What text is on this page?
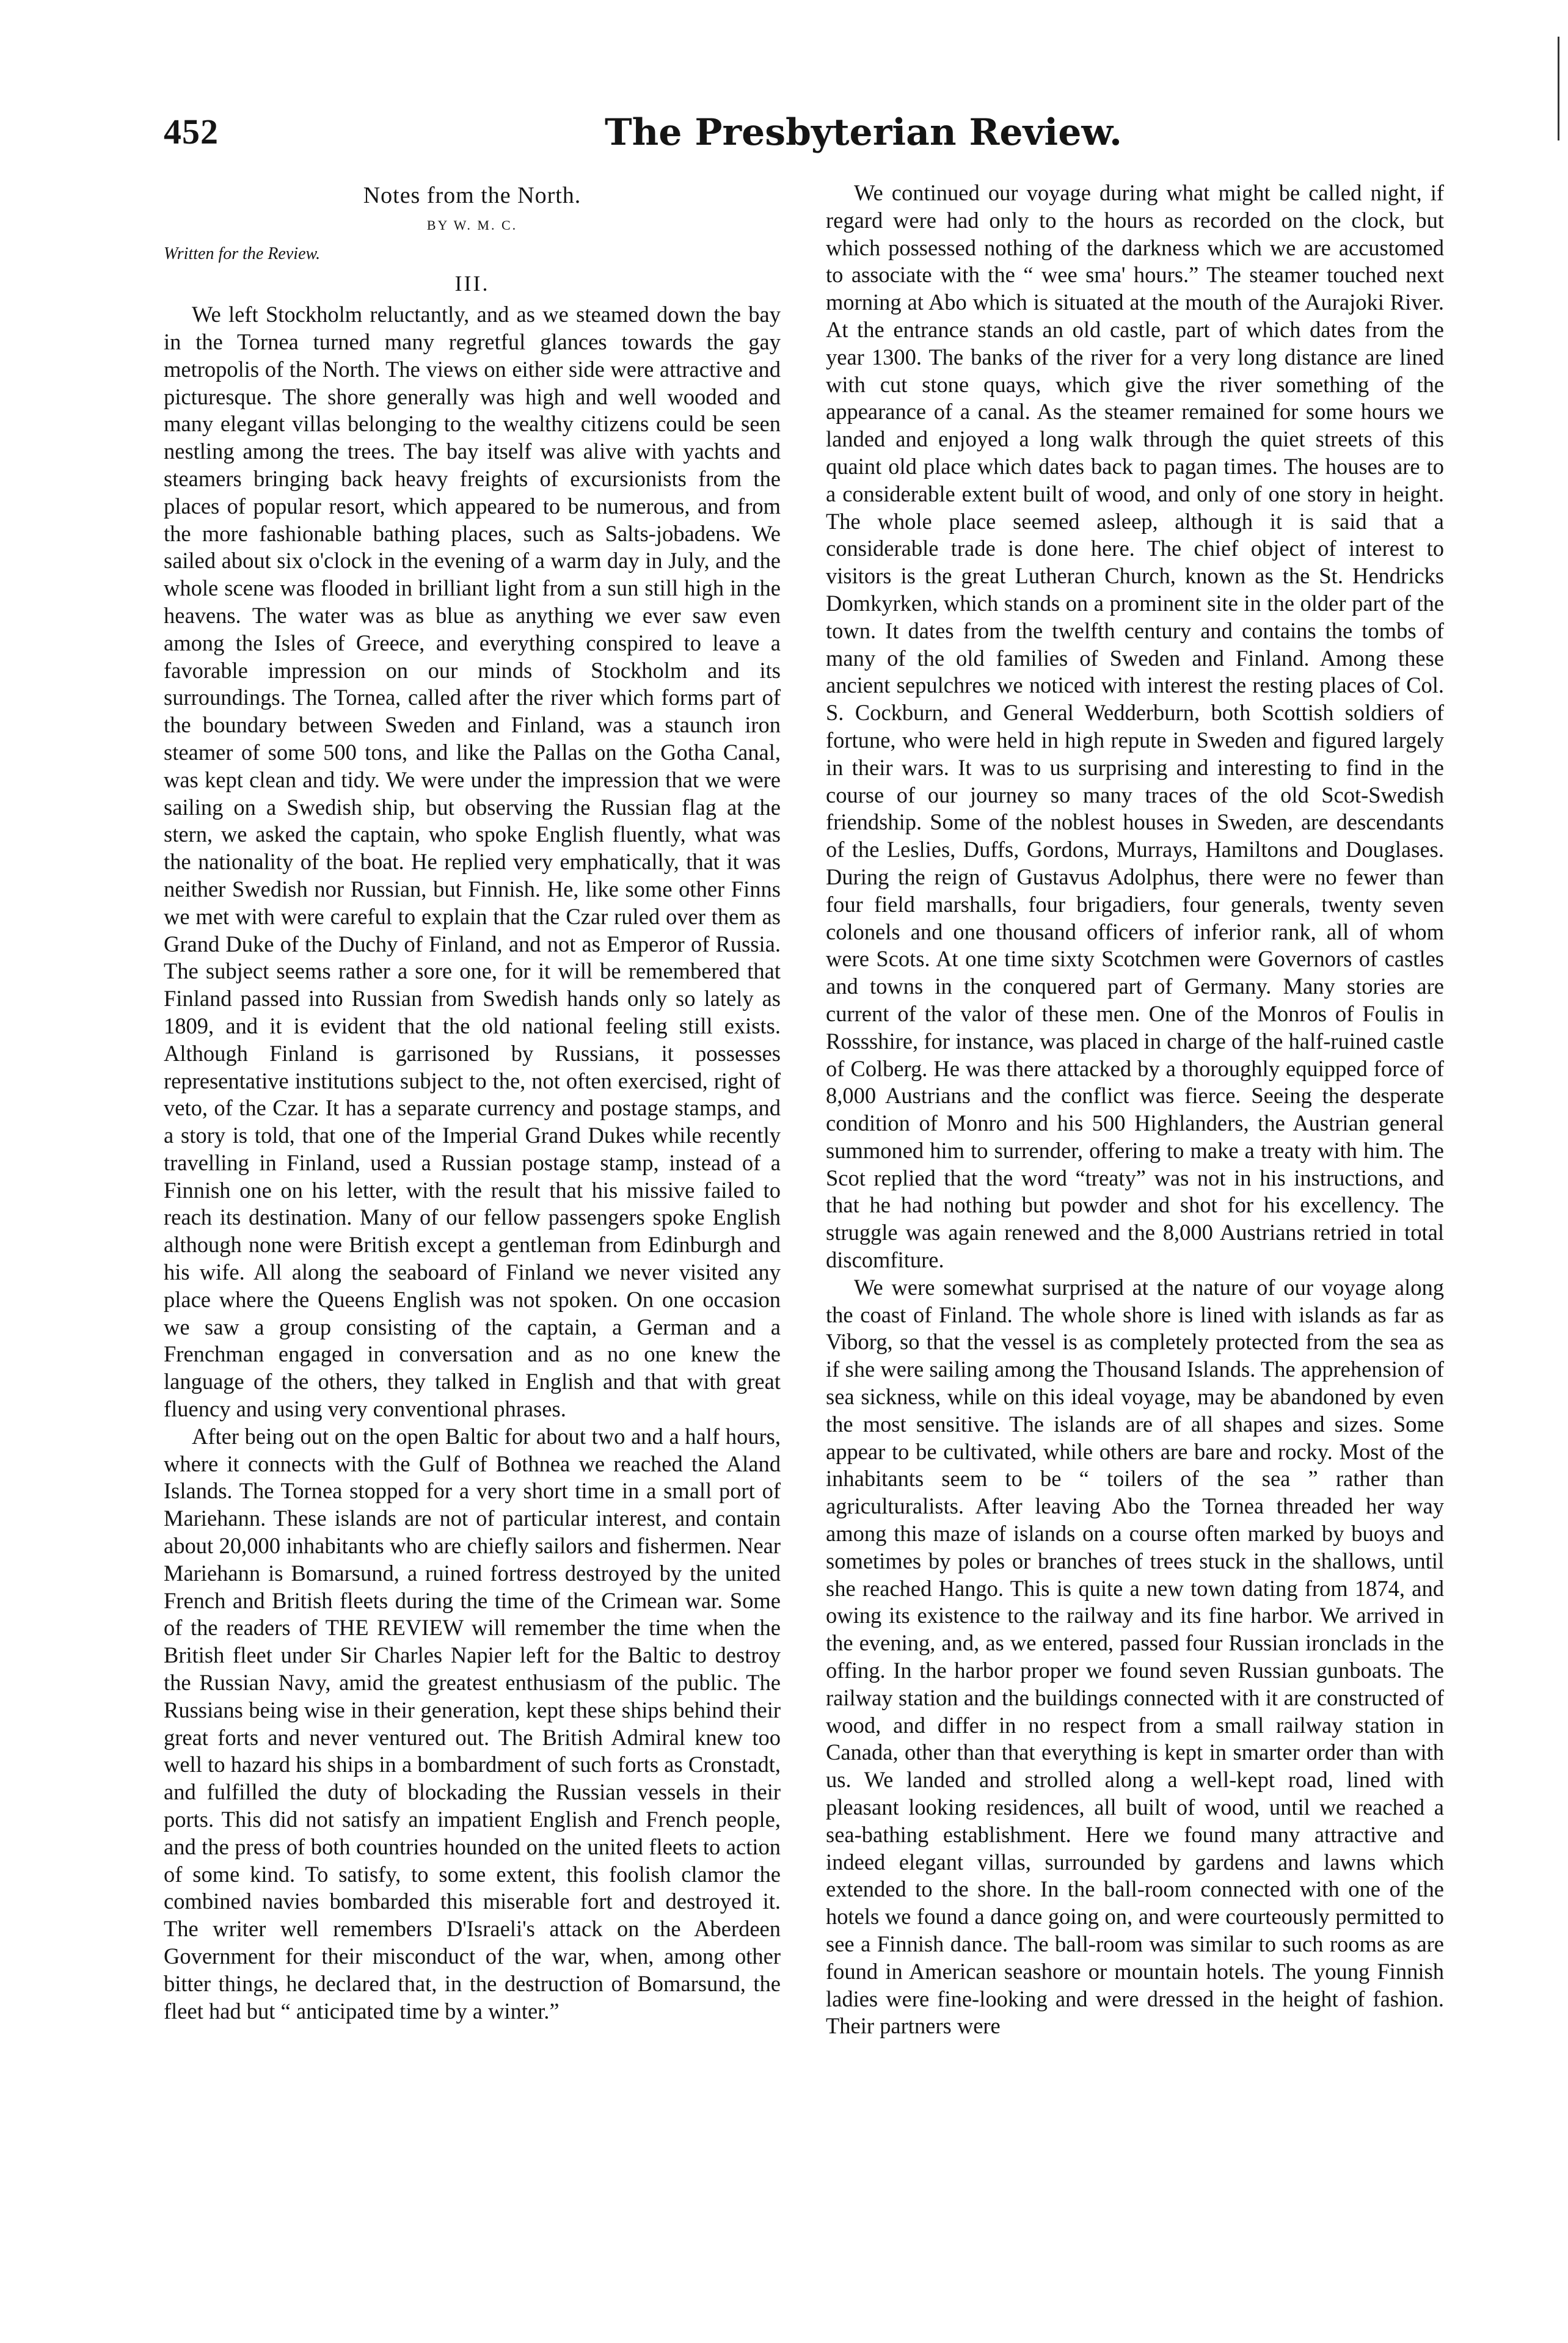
452	The Presbyterian Review.
Notes from the North.
BY W. M. C.
Written for the Review.
III.

We left Stockholm reluctantly, and as we steamed down the bay in the Tornea turned many regretful glances towards the gay metropolis of the North. The views on either side were attractive and picturesque. The shore generally was high and well wooded and many elegant villas belonging to the wealthy citizens could be seen nestling among the trees. The bay itself was alive with yachts and steamers bringing back heavy freights of excursionists from the places of popular resort, which appeared to be numerous, and from the more fashionable bathing places, such as Salts-jobadens. We sailed about six o'clock in the evening of a warm day in July, and the whole scene was flooded in brilliant light from a sun still high in the heavens. The water was as blue as anything we ever saw even among the Isles of Greece, and everything conspired to leave a favorable impression on our minds of Stockholm and its surroundings. The Tornea, called after the river which forms part of the boundary between Sweden and Finland, was a staunch iron steamer of some 500 tons, and like the Pallas on the Gotha Canal, was kept clean and tidy. We were under the impression that we were sailing on a Swedish ship, but observing the Russian flag at the stern, we asked the captain, who spoke English fluently, what was the nationality of the boat. He replied very emphatically, that it was neither Swedish nor Russian, but Finnish. He, like some other Finns we met with were careful to explain that the Czar ruled over them as Grand Duke of the Duchy of Finland, and not as Emperor of Russia. The subject seems rather a sore one, for it will be remembered that Finland passed into Russian from Swedish hands only so lately as 1809, and it is evident that the old national feeling still exists. Although Finland is garrisoned by Russians, it possesses representative institutions subject to the, not often exercised, right of veto, of the Czar. It has a separate currency and postage stamps, and a story is told, that one of the Imperial Grand Dukes while recently travelling in Finland, used a Russian postage stamp, instead of a Finnish one on his letter, with the result that his missive failed to reach its destination. Many of our fellow passengers spoke English although none were British except a gentleman from Edinburgh and his wife. All along the seaboard of Finland we never visited any place where the Queens English was not spoken. On one occasion we saw a group consisting of the captain, a German and a Frenchman engaged in conversation and as no one knew the language of the others, they talked in English and that with great fluency and using very conventional phrases.

After being out on the open Baltic for about two and a half hours, where it connects with the Gulf of Bothnea we reached the Aland Islands. The Tornea stopped for a very short time in a small port of Mariehann. These islands are not of particular interest, and contain about 20,000 inhabitants who are chiefly sailors and fishermen. Near Mariehann is Bomarsund, a ruined fortress destroyed by the united French and British fleets during the time of the Crimean war. Some of the readers of THE REVIEW will remember the time when the British fleet under Sir Charles Napier left for the Baltic to destroy the Russian Navy, amid the greatest enthusiasm of the public. The Russians being wise in their generation, kept these ships behind their great forts and never ventured out. The British Admiral knew too well to hazard his ships in a bombardment of such forts as Cronstadt, and fulfilled the duty of blockading the Russian vessels in their ports. This did not satisfy an impatient English and French people, and the press of both countries hounded on the united fleets to action of some kind. To satisfy, to some extent, this foolish clamor the combined navies bombarded this miserable fort and destroyed it. The writer well remembers D'Israeli's attack on the Aberdeen Government for their misconduct of the war, when, among other bitter things, he declared that, in the destruction of Bomarsund, the fleet had but “ anticipated time by a winter.”

We continued our voyage during what might be called night, if regard were had only to the hours as recorded on the clock, but which possessed nothing of the darkness which we are accustomed to associate with the “ wee sma' hours.” The steamer touched next morning at Abo which is situated at the mouth of the Aurajoki River. At the entrance stands an old castle, part of which dates from the year 1300. The banks of the river for a very long distance are lined with cut stone quays, which give the river something of the appearance of a canal. As the steamer remained for some hours we landed and enjoyed a long walk through the quiet streets of this quaint old place which dates back to pagan times. The houses are to a considerable extent built of wood, and only of one story in height. The whole place seemed asleep, although it is said that a considerable trade is done here. The chief object of interest to visitors is the great Lutheran Church, known as the St. Hendricks Domkyrken, which stands on a prominent site in the older part of the town. It dates from the twelfth century and contains the tombs of many of the old families of Sweden and Finland. Among these ancient sepulchres we noticed with interest the resting places of Col. S. Cockburn, and General Wedderburn, both Scottish soldiers of fortune, who were held in high repute in Sweden and figured largely in their wars. It was to us surprising and interesting to find in the course of our journey so many traces of the old Scot-Swedish friendship. Some of the noblest houses in Sweden, are descendants of the Leslies, Duffs, Gordons, Murrays, Hamiltons and Douglases. During the reign of Gustavus Adolphus, there were no fewer than four field marshalls, four brigadiers, four generals, twenty seven colonels and one thousand officers of inferior rank, all of whom were Scots. At one time sixty Scotchmen were Governors of castles and towns in the conquered part of Germany. Many stories are current of the valor of these men. One of the Monros of Foulis in Rossshire, for instance, was placed in charge of the half-ruined castle of Colberg. He was there attacked by a thoroughly equipped force of 8,000 Austrians and the conflict was fierce. Seeing the desperate condition of Monro and his 500 Highlanders, the Austrian general summoned him to surrender, offering to make a treaty with him. The Scot replied that the word “treaty” was not in his instructions, and that he had nothing but powder and shot for his excellency. The struggle was again renewed and the 8,000 Austrians retried in total discomfiture.

We were somewhat surprised at the nature of our voyage along the coast of Finland. The whole shore is lined with islands as far as Viborg, so that the vessel is as completely protected from the sea as if she were sailing among the Thousand Islands. The apprehension of sea sickness, while on this ideal voyage, may be abandoned by even the most sensitive. The islands are of all shapes and sizes. Some appear to be cultivated, while others are bare and rocky. Most of the inhabitants seem to be “ toilers of the sea ” rather than agriculturalists. After leaving Abo the Tornea threaded her way among this maze of islands on a course often marked by buoys and sometimes by poles or branches of trees stuck in the shallows, until she reached Hango. This is quite a new town dating from 1874, and owing its existence to the railway and its fine harbor. We arrived in the evening, and, as we entered, passed four Russian ironclads in the offing. In the harbor proper we found seven Russian gunboats. The railway station and the buildings connected with it are constructed of wood, and differ in no respect from a small railway station in Canada, other than that everything is kept in smarter order than with us. We landed and strolled along a well-kept road, lined with pleasant looking residences, all built of wood, until we reached a sea-bathing establishment. Here we found many attractive and indeed elegant villas, surrounded by gardens and lawns which extended to the shore. In the ball-room connected with one of the hotels we found a dance going on, and were courteously permitted to see a Finnish dance. The ball-room was similar to such rooms as are found in American seashore or mountain hotels. The young Finnish ladies were fine-looking and were dressed in the height of fashion. Their partners were
